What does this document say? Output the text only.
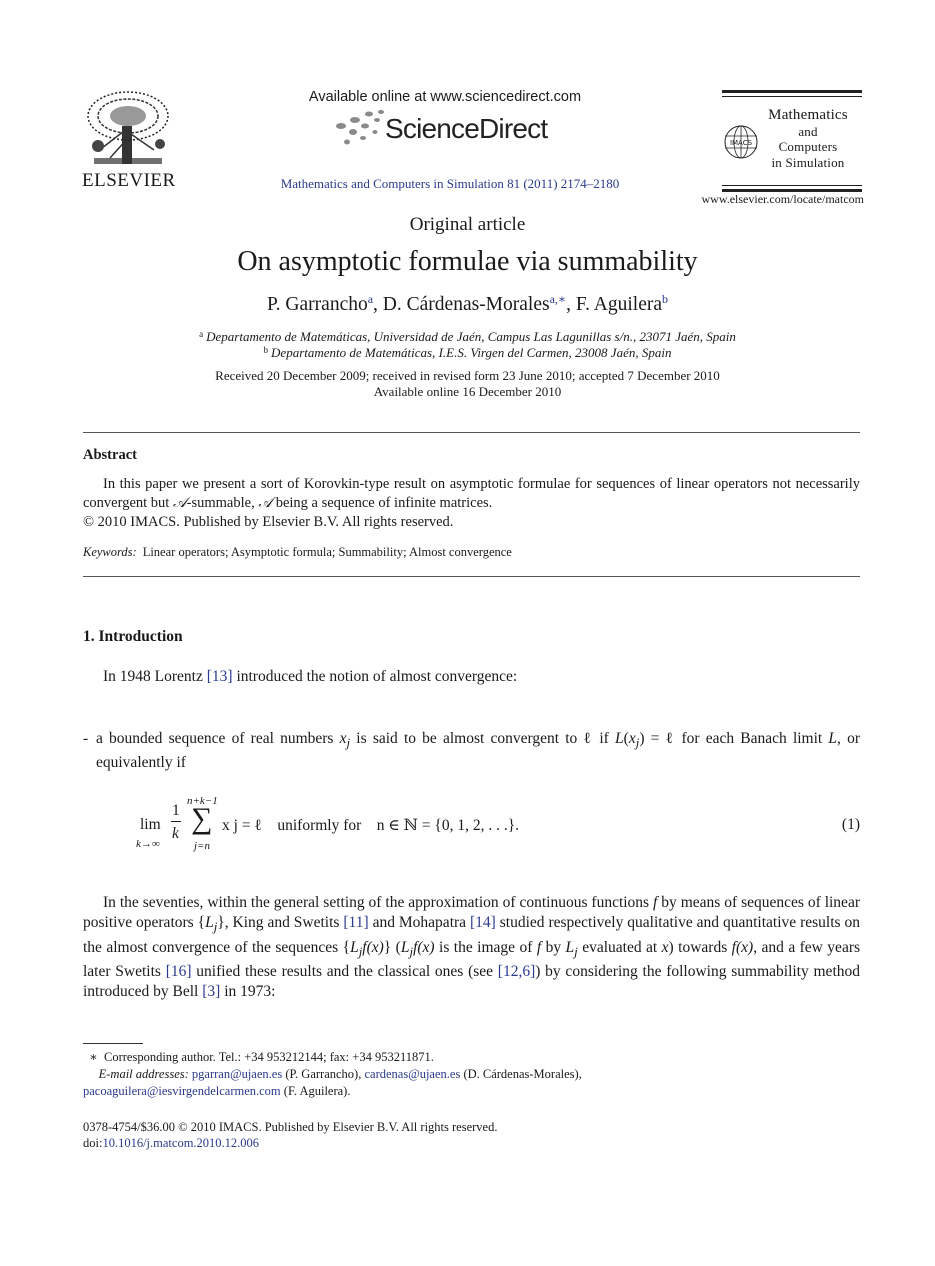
ELSEVIER
Available online at www.sciencedirect.com
ScienceDirect
Mathematics and Computers in Simulation 81 (2011) 2174–2180
IMACS
Mathematics
and
Computers
in Simulation
www.elsevier.com/locate/matcom
Original article
On asymptotic formulae via summability
P. Garrancho$^a$, D. Cárdenas-Morales$^{a,∗}$, F. Aguilera$^b$
$^a$ Departamento de Matemáticas, Universidad de Jaén, Campus Las Lagunillas s/n., 23071 Jaén, Spain
$^b$ Departamento de Matemáticas, I.E.S. Virgen del Carmen, 23008 Jaén, Spain
Received 20 December 2009; received in revised form 23 June 2010; accepted 7 December 2010
Available online 16 December 2010
Abstract

In this paper we present a sort of Korovkin-type result on asymptotic formulae for sequences of linear operators not necessarily convergent but 𝒜-summable, 𝒜 being a sequence of infinite matrices.

© 2010 IMACS. Published by Elsevier B.V. All rights reserved.

Keywords: Linear operators; Asymptotic formula; Summability; Almost convergence
1. Introduction

In 1948 Lorentz [13] introduced the notion of almost convergence:

- a bounded sequence of real numbers $x_j$ is said to be almost convergent to ℓ if $L(x_j)$ = ℓ for each Banach limit L, or equivalently if
lim
k→∞
1
k
n+k−1
∑
j=n
x j = ℓ    uniformly for    n ∈ ℕ = {0, 1, 2, . . .}.	(1)

In the seventies, within the general setting of the approximation of continuous functions f by means of sequences of linear positive operators $\{L_j\}$, King and Swetits [11] and Mohapatra [14] studied respectively qualitative and quantitative results on the almost convergence of the sequences $\{L_jf(x)\}$ ($L_jf(x)$ is the image of f by $L_j$ evaluated at x) towards f(x), and a few years later Swetits [16] unified these results and the classical ones (see [12,6]) by considering the following summability method introduced by Bell [3] in 1973:

∗ Corresponding author. Tel.: +34 953212144; fax: +34 953211871.
E-mail addresses: pgarran@ujaen.es (P. Garrancho), cardenas@ujaen.es (D. Cárdenas-Morales),
pacoaguilera@iesvirgendelcarmen.com (F. Aguilera).
0378-4754/$36.00 © 2010 IMACS. Published by Elsevier B.V. All rights reserved.
doi:10.1016/j.matcom.2010.12.006
